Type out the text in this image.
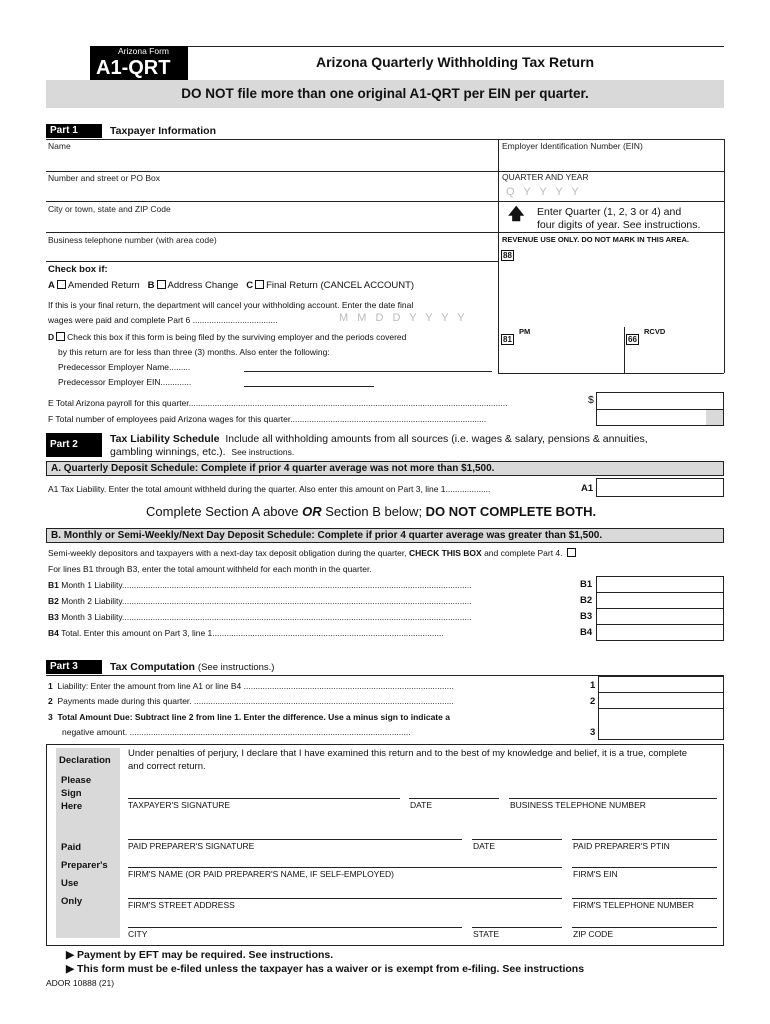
Arizona Form
A1-QRT	Arizona Quarterly Withholding Tax Return
DO NOT file more than one original A1-QRT per EIN per quarter.
Part 1	Taxpayer Information
Name
Number and street or PO Box
City or town, state and ZIP Code
Business telephone number (with area code)
Employer Identification Number (EIN)
QUARTER AND YEAR
Q Y Y Y Y
🡅 Enter Quarter (1, 2, 3 or 4) and
four digits of year. See instructions.
REVENUE USE ONLY. DO NOT MARK IN THIS AREA.
88
81
PM
66
RCVD
Check box if:
A Amended Return B Address Change C Final Return (CANCEL ACCOUNT)
If this is your final return, the department will cancel your withholding account. Enter the date final
wages were paid and complete Part 6 ....................................	M M D D Y Y Y Y
D Check this box if this form is being filed by the surviving employer and the periods covered
by this return are for less than three (3) months. Also enter the following:
Predecessor Employer Name.........
Predecessor Employer EIN.............
E Total Arizona payroll for this quarter.......................................................................................................................................	$
F Total number of employees paid Arizona wages for this quarter...................................................................................
Part 2	Tax Liability Schedule Include all withholding amounts from all sources (i.e. wages & salary, pensions & annuities,
gambling winnings, etc.). See instructions.
A. Quarterly Deposit Schedule: Complete if prior 4 quarter average was not more than $1,500.
A1 Tax Liability. Enter the total amount withheld during the quarter. Also enter this amount on Part 3, line 1...................	A1
Complete Section A above OR Section B below; DO NOT COMPLETE BOTH.
B. Monthly or Semi-Weekly/Next Day Deposit Schedule: Complete if prior 4 quarter average was greater than $1,500.
Semi-weekly depositors and taxpayers with a next-day tax deposit obligation during the quarter, CHECK THIS BOX and complete Part 4.
For lines B1 through B3, enter the total amount withheld for each month in the quarter.
B1 Month 1 Liability....................................................................................................................................................
B2 Month 2 Liability....................................................................................................................................................
B3 Month 3 Liability....................................................................................................................................................
B4 Total. Enter this amount on Part 3, line 1..................................................................................................
B1
B2
B3
B4
Part 3	Tax Computation (See instructions.)
1 Liability: Enter the amount from line A1 or line B4 .........................................................................................
2 Payments made during this quarter. ..............................................................................................................
3 Total Amount Due: Subtract line 2 from line 1. Enter the difference. Use a minus sign to indicate a
negative amount. .......................................................................................................................
1
2
3
Declaration
Under penalties of perjury, I declare that I have examined this return and to the best of my knowledge and belief, it is a true, complete
and correct return.
Please
Sign
Here	TAXPAYER'S SIGNATURE	DATE	BUSINESS TELEPHONE NUMBER
Paid
Preparer's
Use
Only
PAID PREPARER'S SIGNATURE	DATE	PAID PREPARER'S PTIN
FIRM'S NAME (OR PAID PREPARER'S NAME, IF SELF-EMPLOYED)	FIRM'S EIN
FIRM'S STREET ADDRESS	FIRM'S TELEPHONE NUMBER
CITY	STATE	ZIP CODE
▶ Payment by EFT may be required. See instructions.
▶ This form must be e-filed unless the taxpayer has a waiver or is exempt from e-filing. See instructions
ADOR 10888 (21)
